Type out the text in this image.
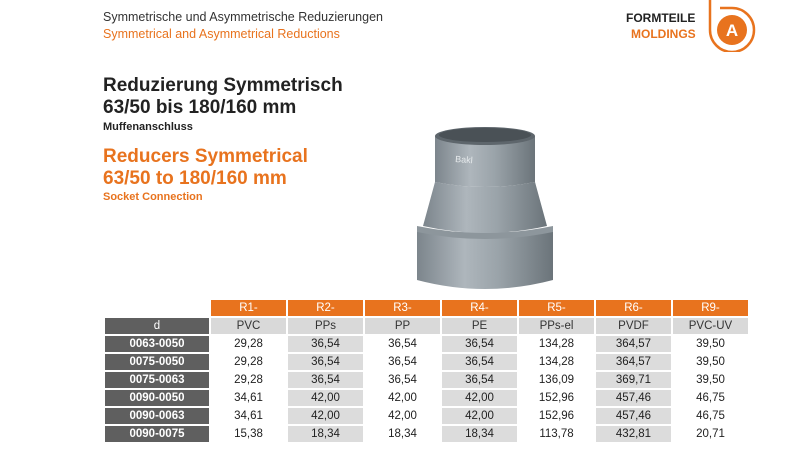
Symmetrische und Asymmetrische Reduzierungen
Symmetrical and Asymmetrical Reductions
FORMTEILE
MOLDINGS A
Reduzierung Symmetrisch
63/50 bis 180/160 mm
Muffenanschluss
Reducers Symmetrical
63/50 to 180/160 mm
Socket Connection
Bakl
	R1-	R2-	R3-	R4-	R5-	R6-	R9-
d	PVC	PPs	PP	PE	PPs-el	PVDF	PVC-UV
0063-0050	29,28	36,54	36,54	36,54	134,28	364,57	39,50
0075-0050	29,28	36,54	36,54	36,54	134,28	364,57	39,50
0075-0063	29,28	36,54	36,54	36,54	136,09	369,71	39,50
0090-0050	34,61	42,00	42,00	42,00	152,96	457,46	46,75
0090-0063	34,61	42,00	42,00	42,00	152,96	457,46	46,75
0090-0075	15,38	18,34	18,34	18,34	113,78	432,81	20,71
